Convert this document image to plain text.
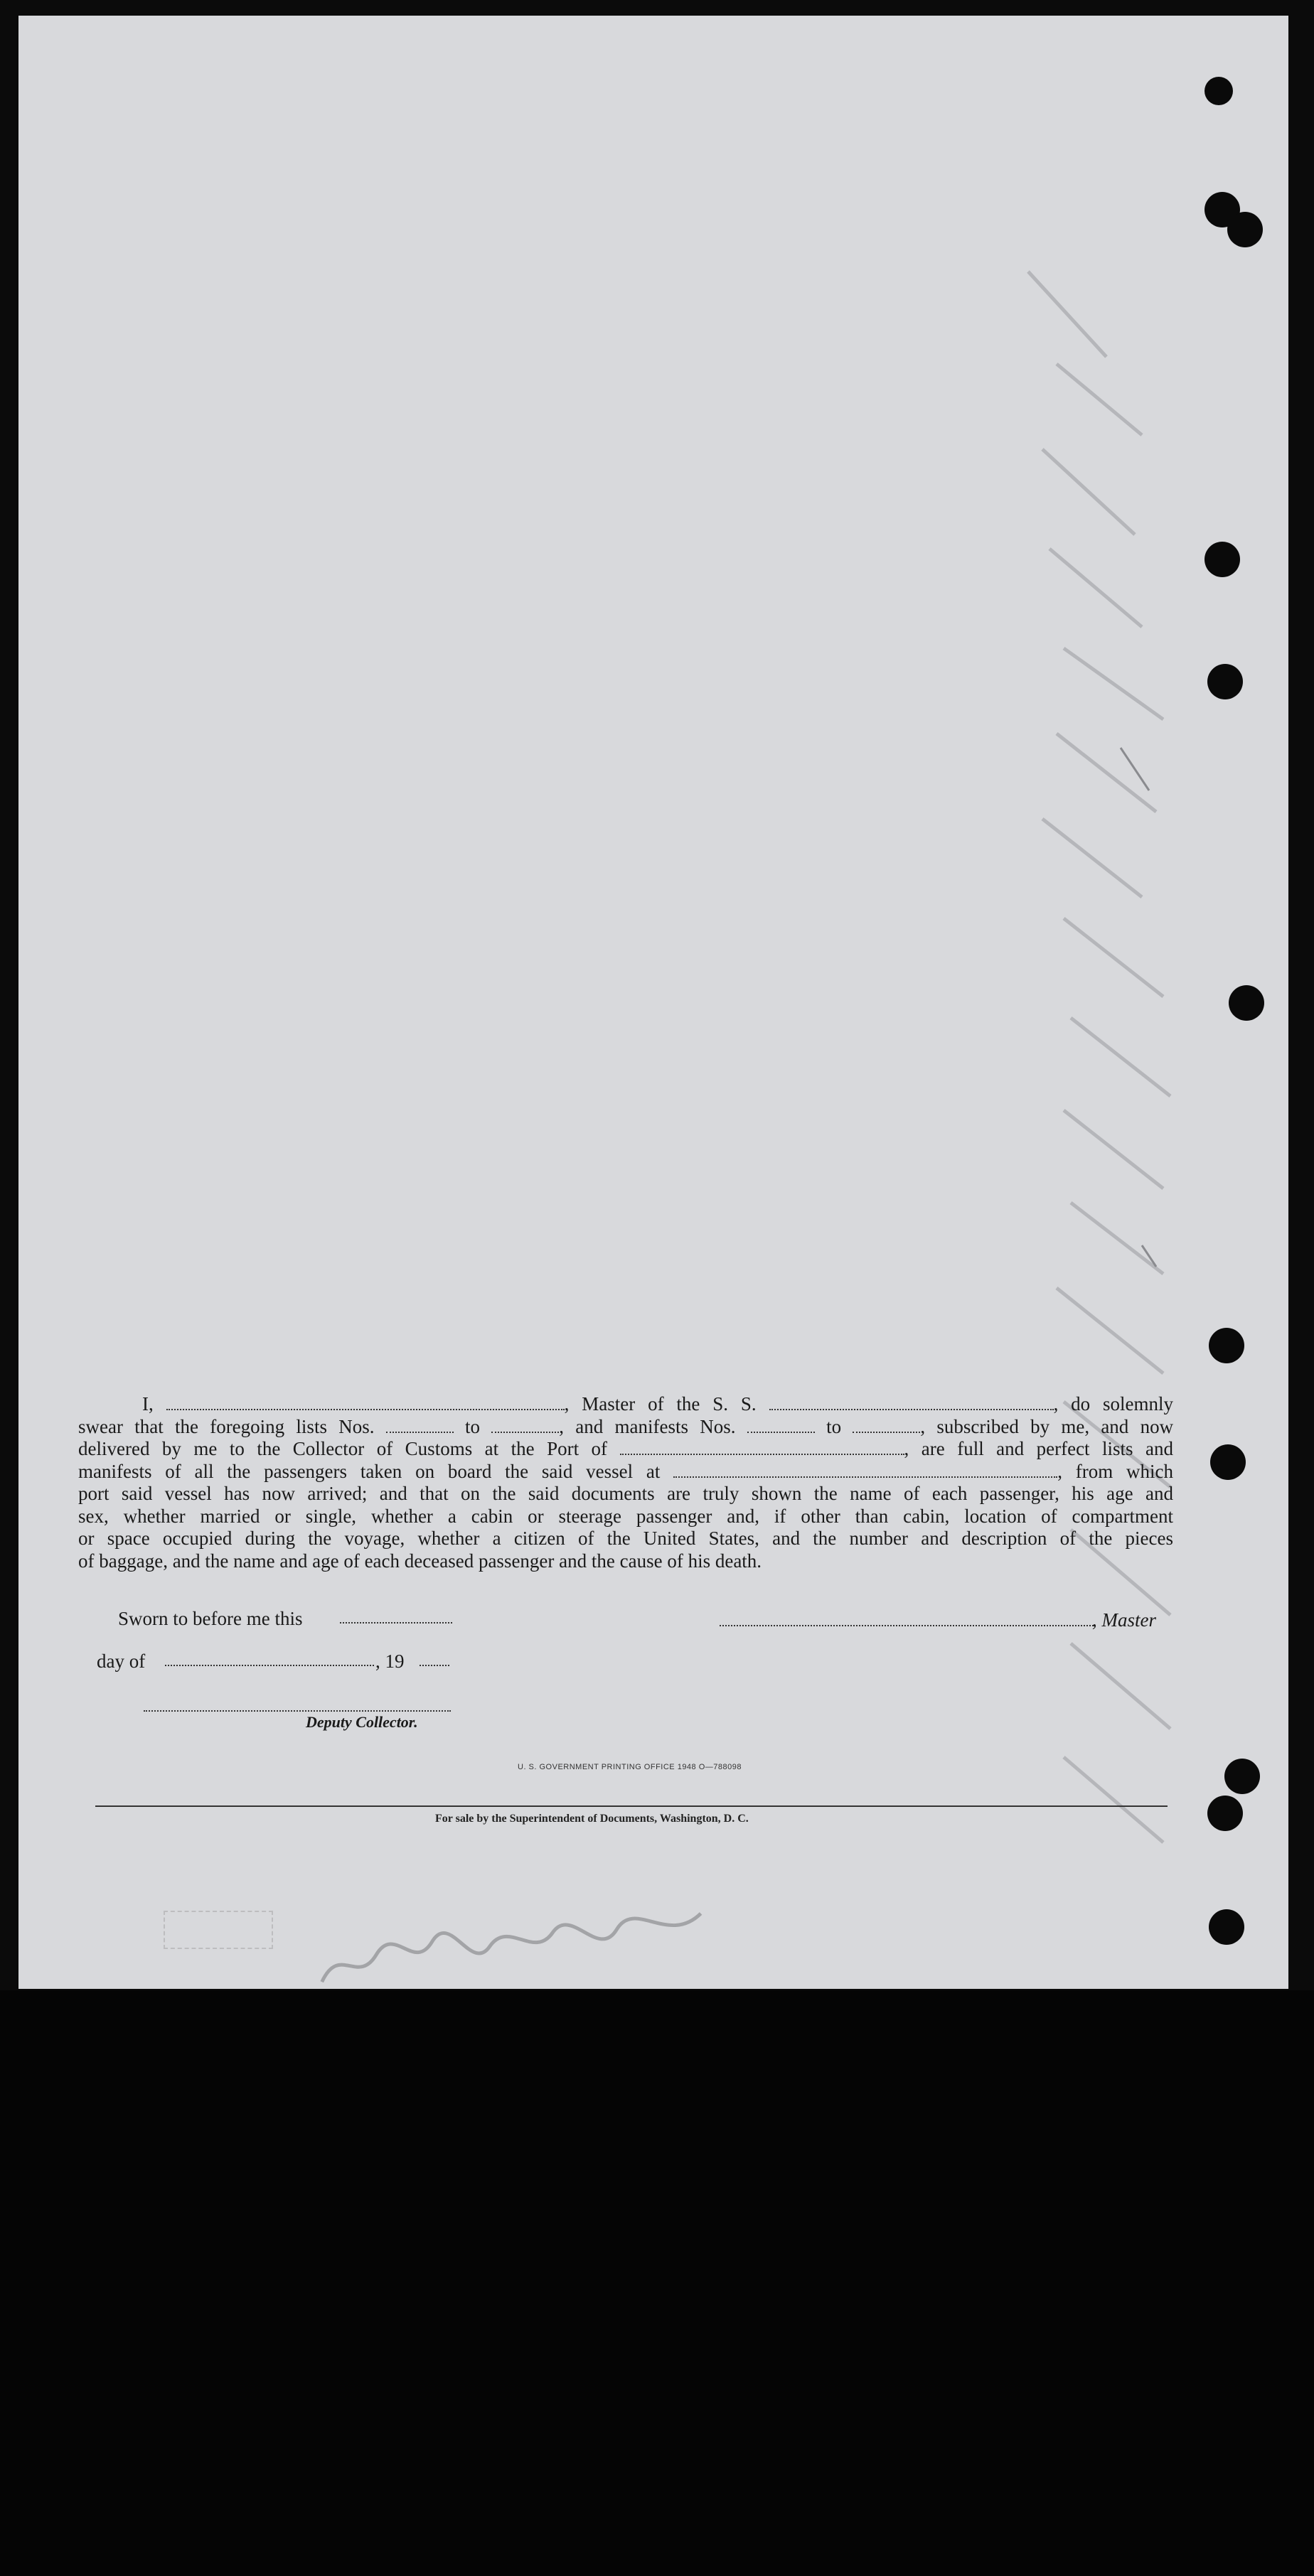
I,	, Master of the S. S.	, do solemnly

swear that the foregoing lists Nos.	to	, and manifests Nos.	to	, subscribed by me, and now

delivered by me to the Collector of Customs at the Port of	, are full and perfect lists and

manifests of all the passengers taken on board the said vessel at	, from which

port said vessel has now arrived; and that on the said documents are truly shown the name of each passenger, his age and

sex, whether married or single, whether a cabin or steerage passenger and, if other than cabin, location of compartment

or space occupied during the voyage, whether a citizen of the United States, and the number and description of the pieces

of baggage, and the name and age of each deceased passenger and the cause of his death.

Sworn to before me this	, Master
day of	, 19
Deputy Collector.
U. S. GOVERNMENT PRINTING OFFICE 1948 O—788098
For sale by the Superintendent of Documents, Washington, D. C.
